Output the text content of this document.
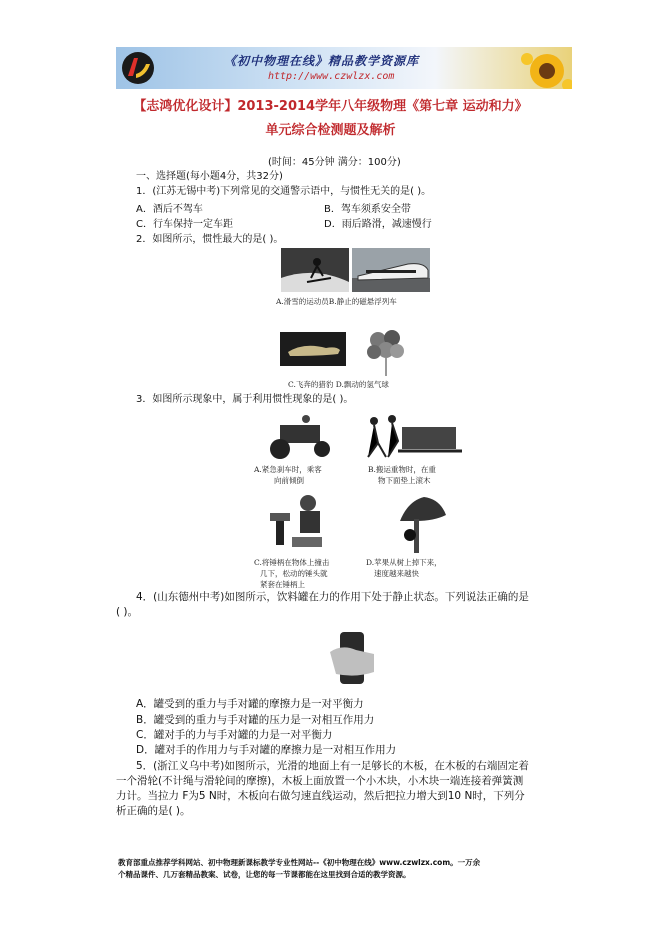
《初中物理在线》精品教学资源库
http://www.czwlzx.com
【志鸿优化设计】2013-2014学年八年级物理《第七章 运动和力》
单元综合检测题及解析
(时间：45分钟 满分：100分)
一、选择题(每小题4分，共32分)
1．(江苏无锡中考)下列常见的交通警示语中，与惯性无关的是( )。
A．酒后不驾车	B．驾车须系安全带
C．行车保持一定车距	D．雨后路滑，减速慢行
2．如图所示，惯性最大的是( )。
A.滑雪的运动员B.静止的磁悬浮列车
C.飞奔的猎豹 D.飘动的氢气球
3．如图所示现象中，属于利用惯性现象的是( )。
A.紧急刹车时，乘客
向前倾倒
B.搬运重物时，在重
物下面垫上滚木
C.将锤柄在物体上撞击
几下，松动的锤头就
紧套在锤柄上
D.苹果从树上掉下来，
速度越来越快
4．(山东德州中考)如图所示，饮料罐在力的作用下处于静止状态。下列说法正确的是
( )。
A．罐受到的重力与手对罐的摩擦力是一对平衡力
B．罐受到的重力与手对罐的压力是一对相互作用力
C．罐对手的力与手对罐的力是一对平衡力
D．罐对手的作用力与手对罐的摩擦力是一对相互作用力
5．(浙江义乌中考)如图所示，光滑的地面上有一足够长的木板，在木板的右端固定着
一个滑轮(不计绳与滑轮间的摩擦)，木板上面放置一个小木块，小木块一端连接着弹簧测
力计。当拉力 F为5 N时，木板向右做匀速直线运动，然后把拉力增大到10 N时，下列分
析正确的是( )。
教育部重点推荐学科网站、初中物理新课标教学专业性网站--《初中物理在线》www.czwlzx.com。一万余
个精品课件、几万套精品教案、试卷，让您的每一节课都能在这里找到合适的教学资源。
